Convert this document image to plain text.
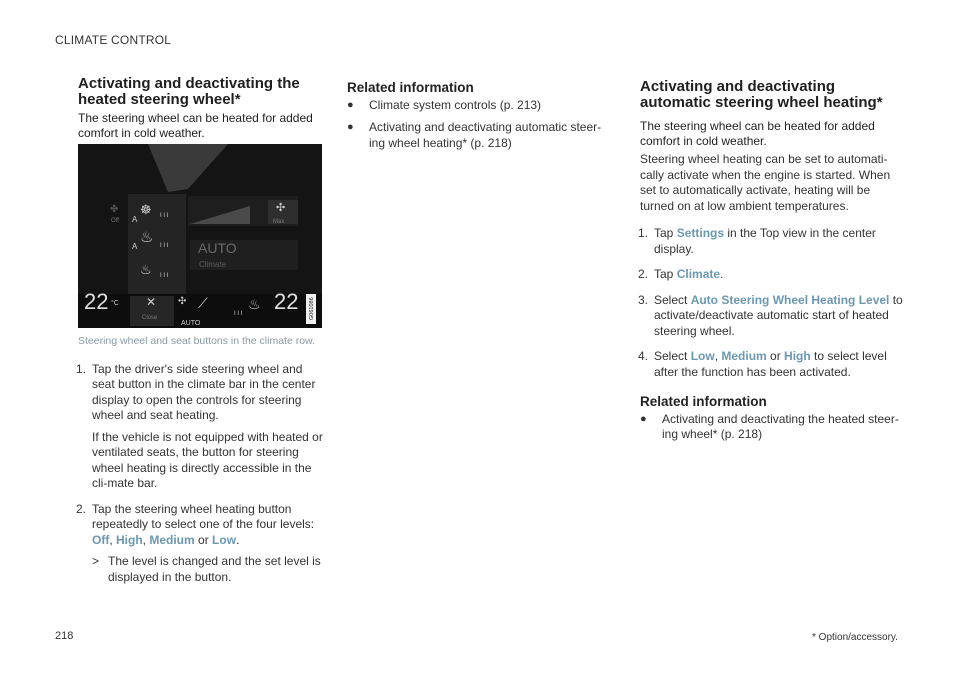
CLIMATE CONTROL
Activating and deactivating the heated steering wheel*

The steering wheel can be heated for added comfort in cold weather.

✣
Max
✤
Off A
☸ I I I
A
♨ I I I
♨ I I I
AUTO
Climate
22 °C ✕
Close
✣ ⟋
AUTO
I I I
♨ 22	G061086

Steering wheel and seat buttons in the climate row.

1. Tap the driver's side steering wheel and seat button in the climate bar in the center display to open the controls for steering wheel and seat heating.

If the vehicle is not equipped with heated or ventilated seats, the button for steering wheel heating is directly accessible in the cli-mate bar.

2. Tap the steering wheel heating button repeatedly to select one of the four levels:
Off, High, Medium or Low.
> The level is changed and the set level is displayed in the button.
Related information
● Climate system controls (p. 213)
● Activating and deactivating automatic steer-ing wheel heating* (p. 218)
Activating and deactivating automatic steering wheel heating*

The steering wheel can be heated for added comfort in cold weather.

Steering wheel heating can be set to automati-cally activate when the engine is started. When set to automatically activate, heating will be turned on at low ambient temperatures.

1. Tap Settings in the Top view in the center display.
2. Tap Climate.
3. Select Auto Steering Wheel Heating Level to activate/deactivate automatic start of heated steering wheel.
4. Select Low, Medium or High to select level after the function has been activated.
Related information
● Activating and deactivating the heated steer-ing wheel* (p. 218)
218	* Option/accessory.
